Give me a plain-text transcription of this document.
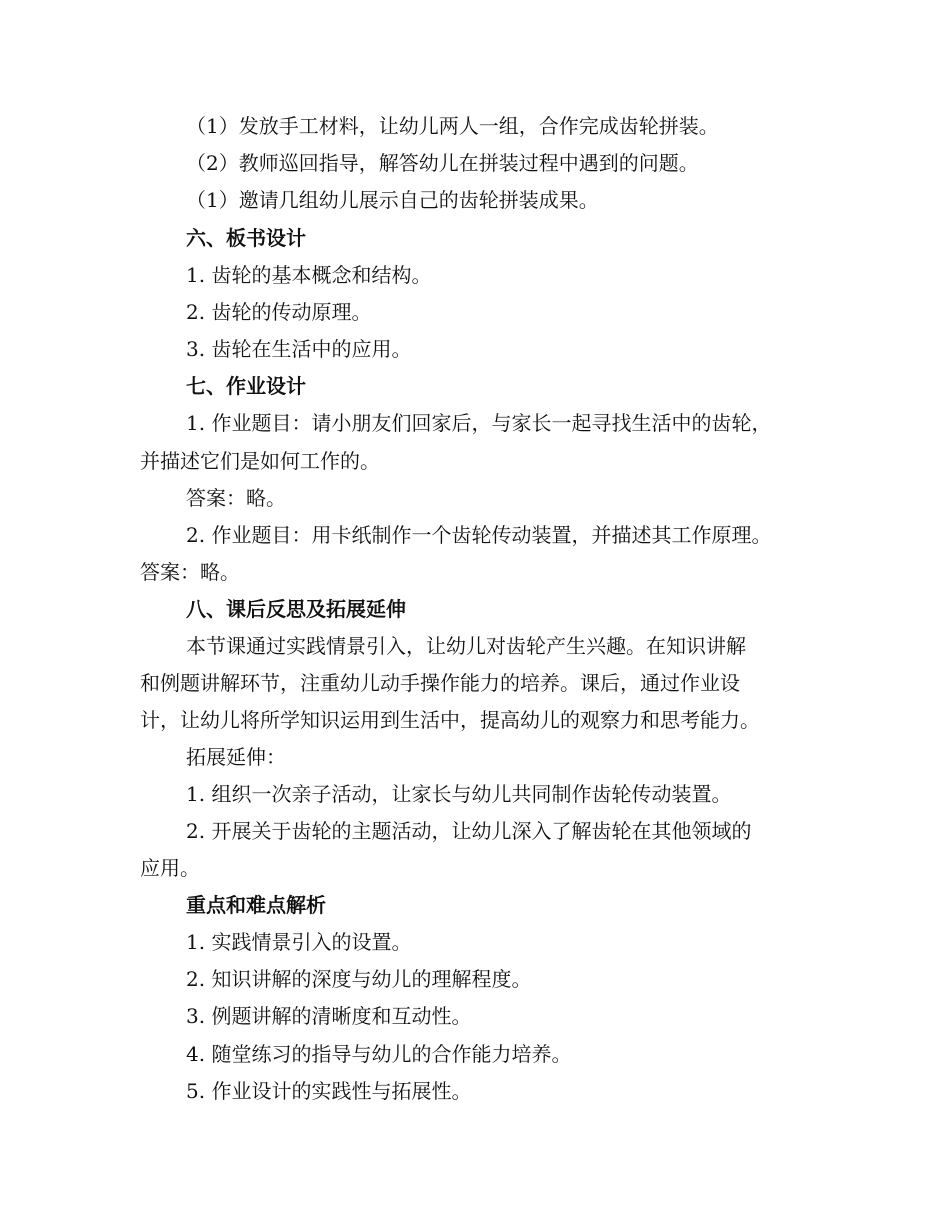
（1）发放手工材料，让幼儿两人一组，合作完成齿轮拼装。
（2）教师巡回指导，解答幼儿在拼装过程中遇到的问题。
（1）邀请几组幼儿展示自己的齿轮拼装成果。
六、板书设计
1. 齿轮的基本概念和结构。
2. 齿轮的传动原理。
3. 齿轮在生活中的应用。
七、作业设计
1. 作业题目：请小朋友们回家后，与家长一起寻找生活中的齿轮，
并描述它们是如何工作的。
答案：略。
2. 作业题目：用卡纸制作一个齿轮传动装置，并描述其工作原理。
答案：略。
八、课后反思及拓展延伸
本节课通过实践情景引入，让幼儿对齿轮产生兴趣。在知识讲解
和例题讲解环节，注重幼儿动手操作能力的培养。课后，通过作业设
计，让幼儿将所学知识运用到生活中，提高幼儿的观察力和思考能力。
拓展延伸：
1. 组织一次亲子活动，让家长与幼儿共同制作齿轮传动装置。
2. 开展关于齿轮的主题活动，让幼儿深入了解齿轮在其他领域的
应用。
重点和难点解析
1. 实践情景引入的设置。
2. 知识讲解的深度与幼儿的理解程度。
3. 例题讲解的清晰度和互动性。
4. 随堂练习的指导与幼儿的合作能力培养。
5. 作业设计的实践性与拓展性。
